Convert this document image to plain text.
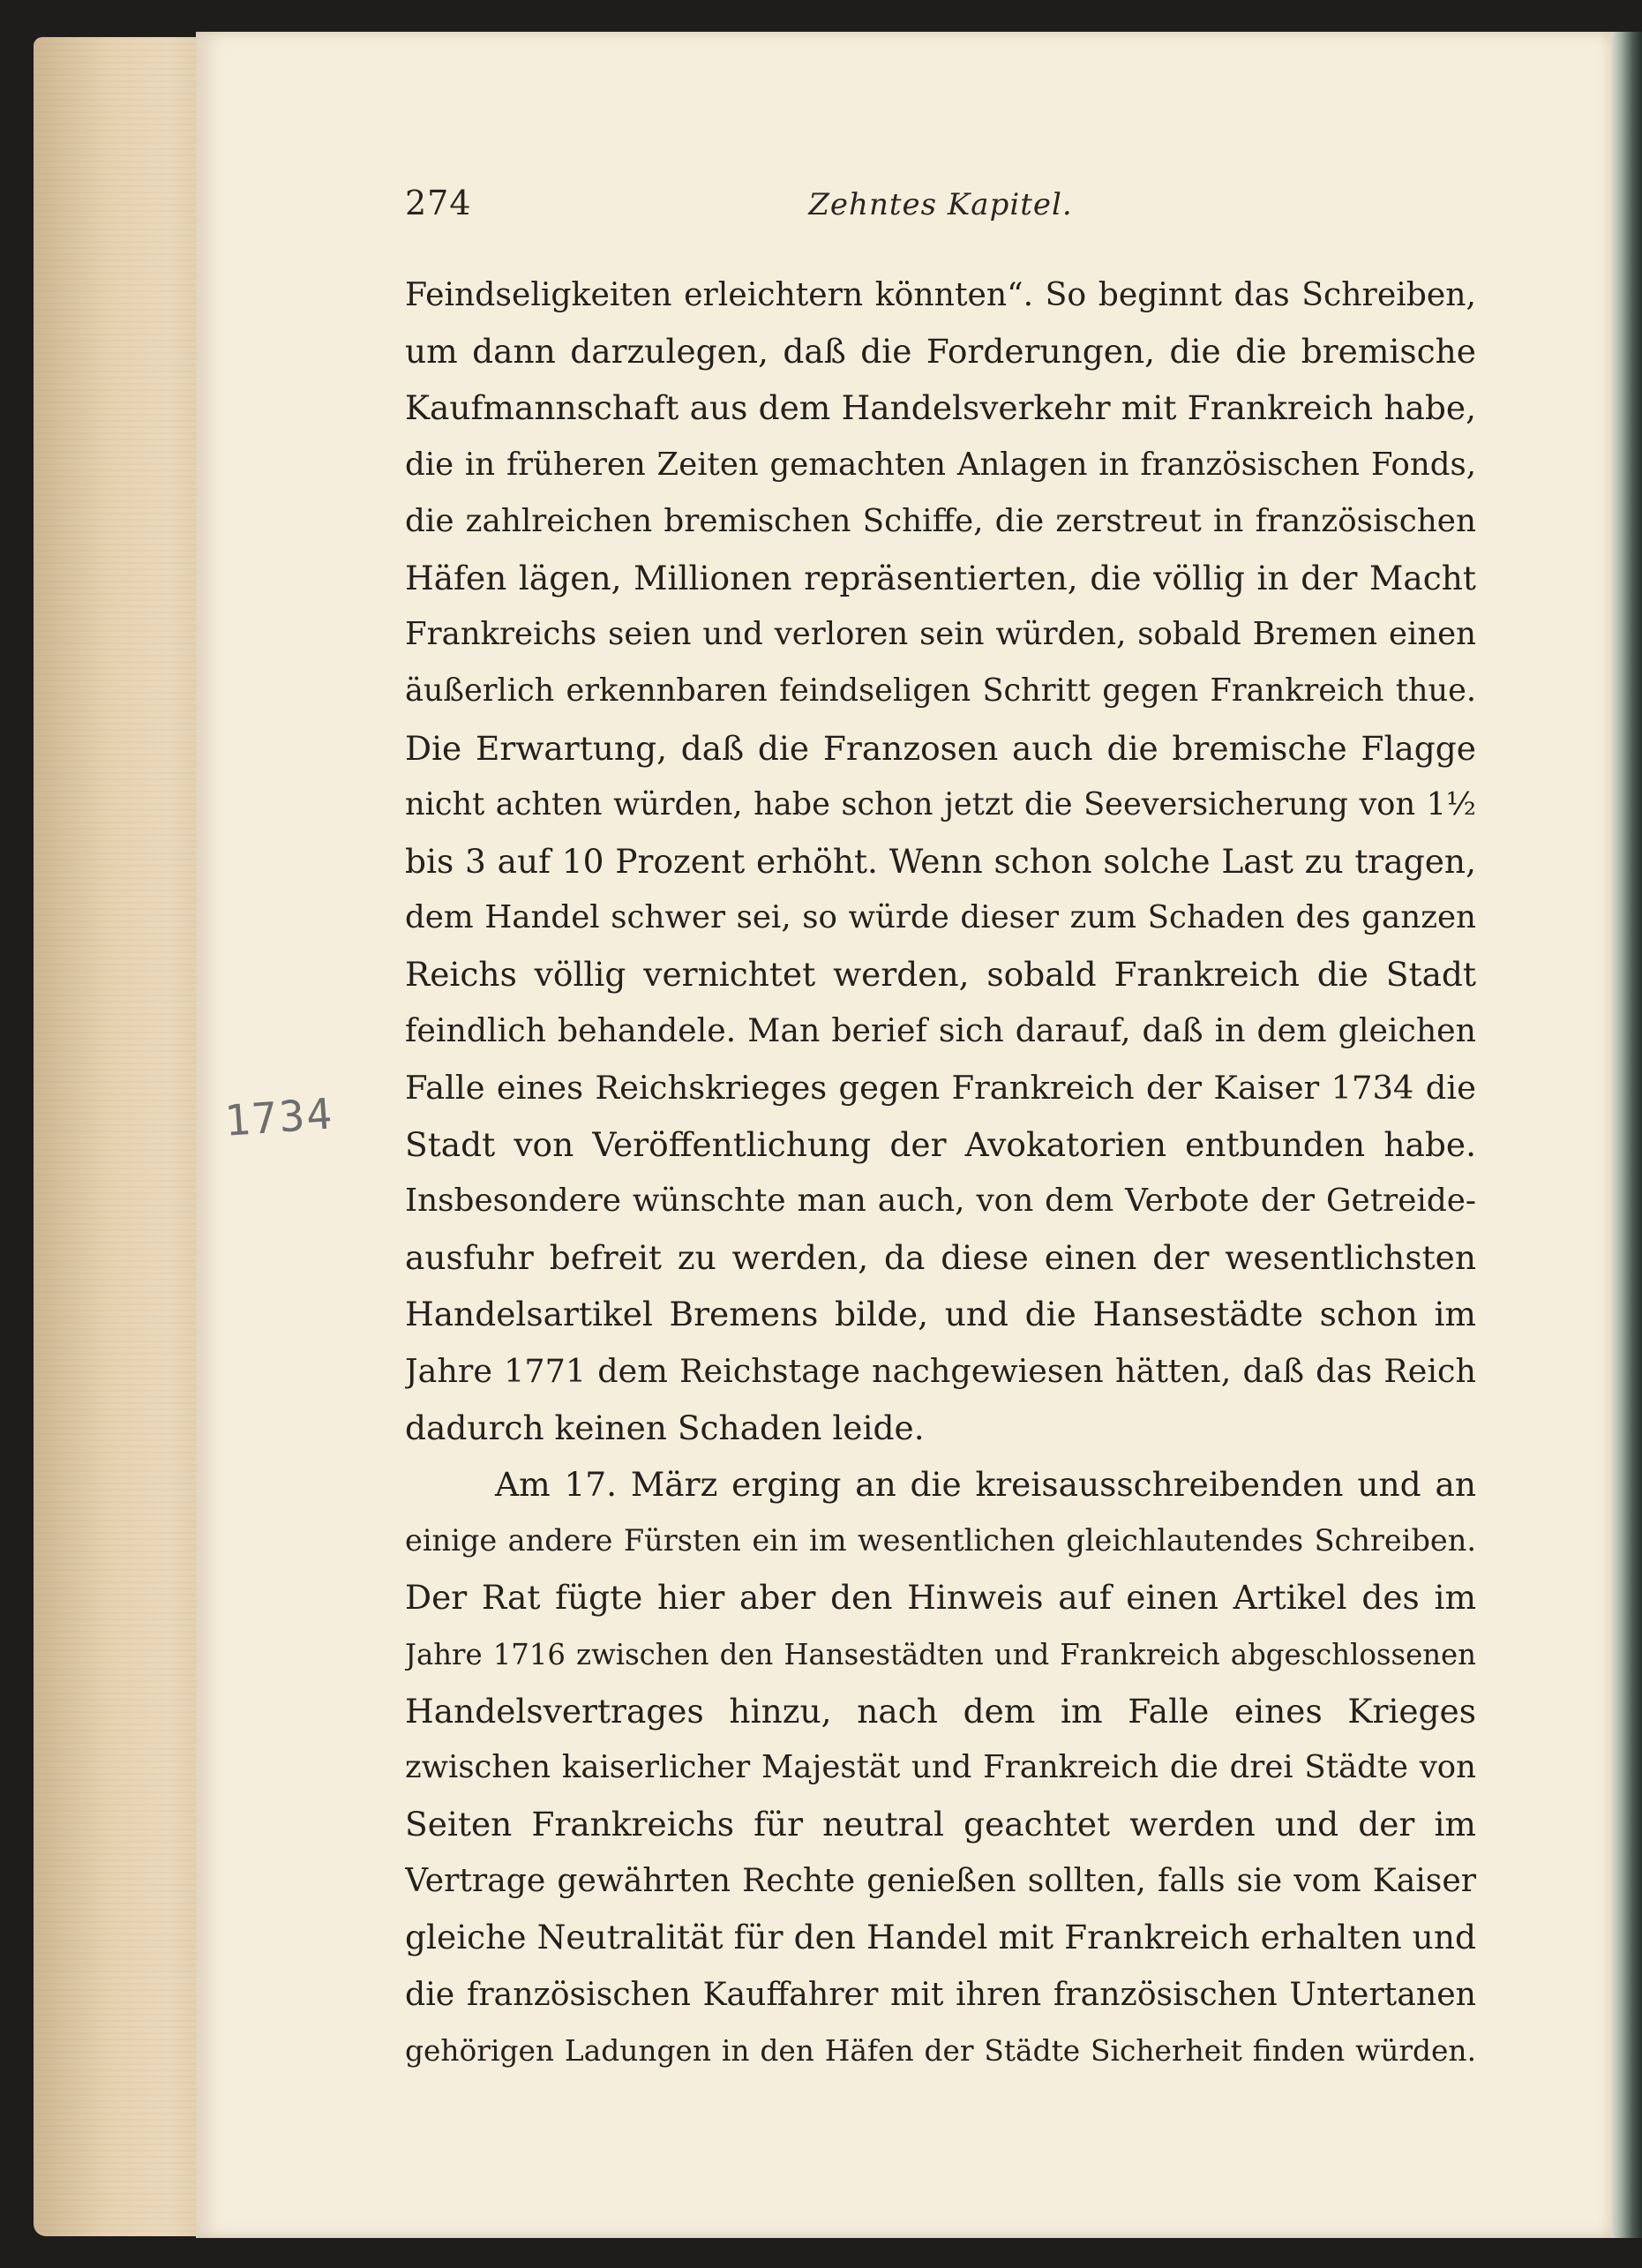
274	Zehntes Kapitel.
1734

Feindseligkeiten erleichtern könnten“. So beginnt das Schreiben,
um dann darzulegen, daß die Forderungen, die die bremische
Kaufmannschaft aus dem Handelsverkehr mit Frankreich habe,
die in früheren Zeiten gemachten Anlagen in französischen Fonds,
die zahlreichen bremischen Schiffe, die zerstreut in französischen
Häfen lägen, Millionen repräsentierten, die völlig in der Macht
Frankreichs seien und verloren sein würden, sobald Bremen einen
äußerlich erkennbaren feindseligen Schritt gegen Frankreich thue.
Die Erwartung, daß die Franzosen auch die bremische Flagge
nicht achten würden, habe schon jetzt die Seeversicherung von 1½
bis 3 auf 10 Prozent erhöht. Wenn schon solche Last zu tragen,
dem Handel schwer sei, so würde dieser zum Schaden des ganzen
Reichs völlig vernichtet werden, sobald Frankreich die Stadt
feindlich behandele. Man berief sich darauf, daß in dem gleichen
Falle eines Reichskrieges gegen Frankreich der Kaiser 1734 die
Stadt von Veröffentlichung der Avokatorien entbunden habe.
Insbesondere wünschte man auch, von dem Verbote der Getreide-
ausfuhr befreit zu werden, da diese einen der wesentlichsten
Handelsartikel Bremens bilde, und die Hansestädte schon im
Jahre 1771 dem Reichstage nachgewiesen hätten, daß das Reich
dadurch keinen Schaden leide.

Am 17. März erging an die kreisausschreibenden und an
einige andere Fürsten ein im wesentlichen gleichlautendes Schreiben.
Der Rat fügte hier aber den Hinweis auf einen Artikel des im
Jahre 1716 zwischen den Hansestädten und Frankreich abgeschlossenen
Handelsvertrages hinzu, nach dem im Falle eines Krieges
zwischen kaiserlicher Majestät und Frankreich die drei Städte von
Seiten Frankreichs für neutral geachtet werden und der im
Vertrage gewährten Rechte genießen sollten, falls sie vom Kaiser
gleiche Neutralität für den Handel mit Frankreich erhalten und
die französischen Kauffahrer mit ihren französischen Untertanen
gehörigen Ladungen in den Häfen der Städte Sicherheit finden würden.
